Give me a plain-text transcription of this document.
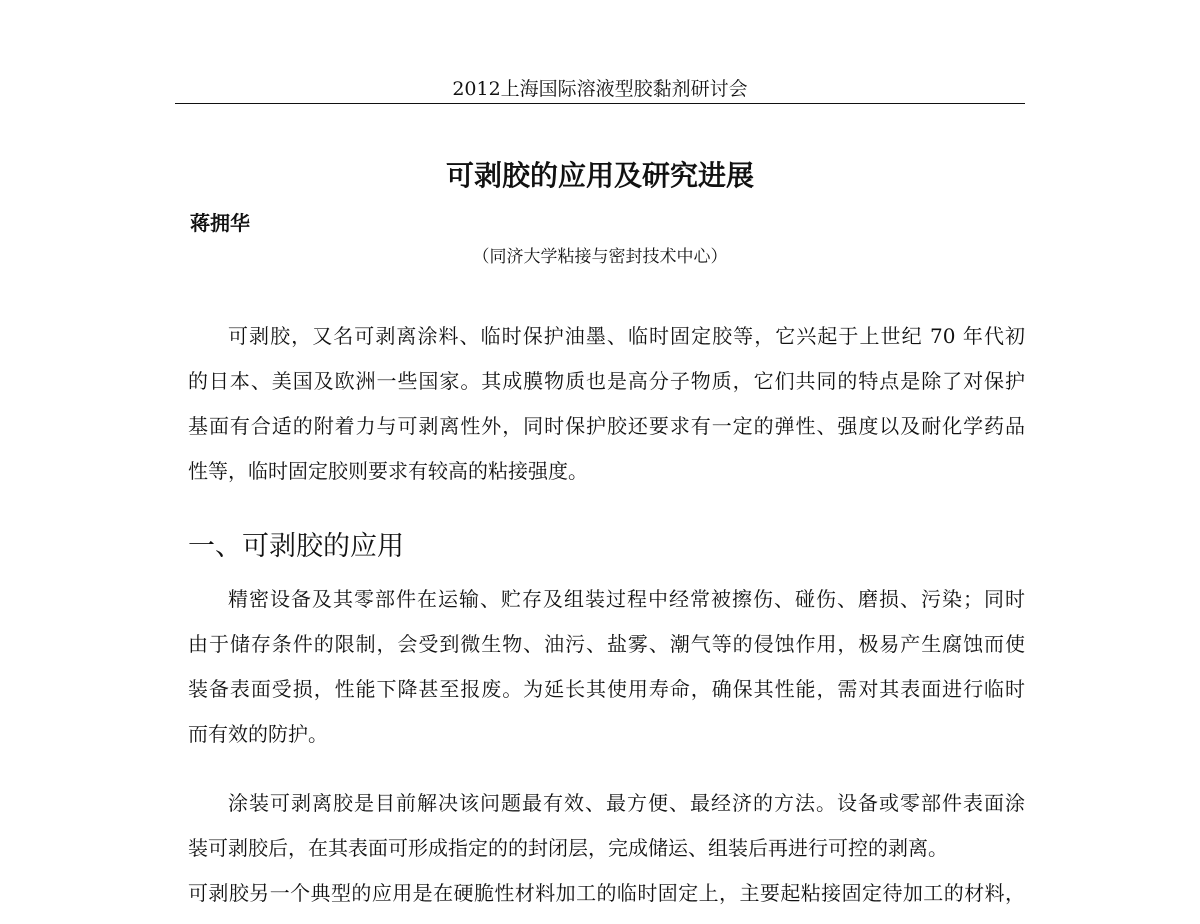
2012上海国际溶液型胶黏剂研讨会
可剥胶的应用及研究进展
蒋拥华
（同济大学粘接与密封技术中心）
可剥胶，又名可剥离涂料、临时保护油墨、临时固定胶等，它兴起于上世纪 70 年代初
的日本、美国及欧洲一些国家。其成膜物质也是高分子物质，它们共同的特点是除了对保护
基面有合适的附着力与可剥离性外，同时保护胶还要求有一定的弹性、强度以及耐化学药品
性等，临时固定胶则要求有较高的粘接强度。
一、可剥胶的应用
精密设备及其零部件在运输、贮存及组装过程中经常被擦伤、碰伤、磨损、污染；同时
由于储存条件的限制，会受到微生物、油污、盐雾、潮气等的侵蚀作用，极易产生腐蚀而使
装备表面受损，性能下降甚至报废。为延长其使用寿命，确保其性能，需对其表面进行临时
而有效的防护。
涂装可剥离胶是目前解决该问题最有效、最方便、最经济的方法。设备或零部件表面涂
装可剥胶后，在其表面可形成指定的的封闭层，完成储运、组装后再进行可控的剥离。
可剥胶另一个典型的应用是在硬脆性材料加工的临时固定上，主要起粘接固定待加工的材料，
